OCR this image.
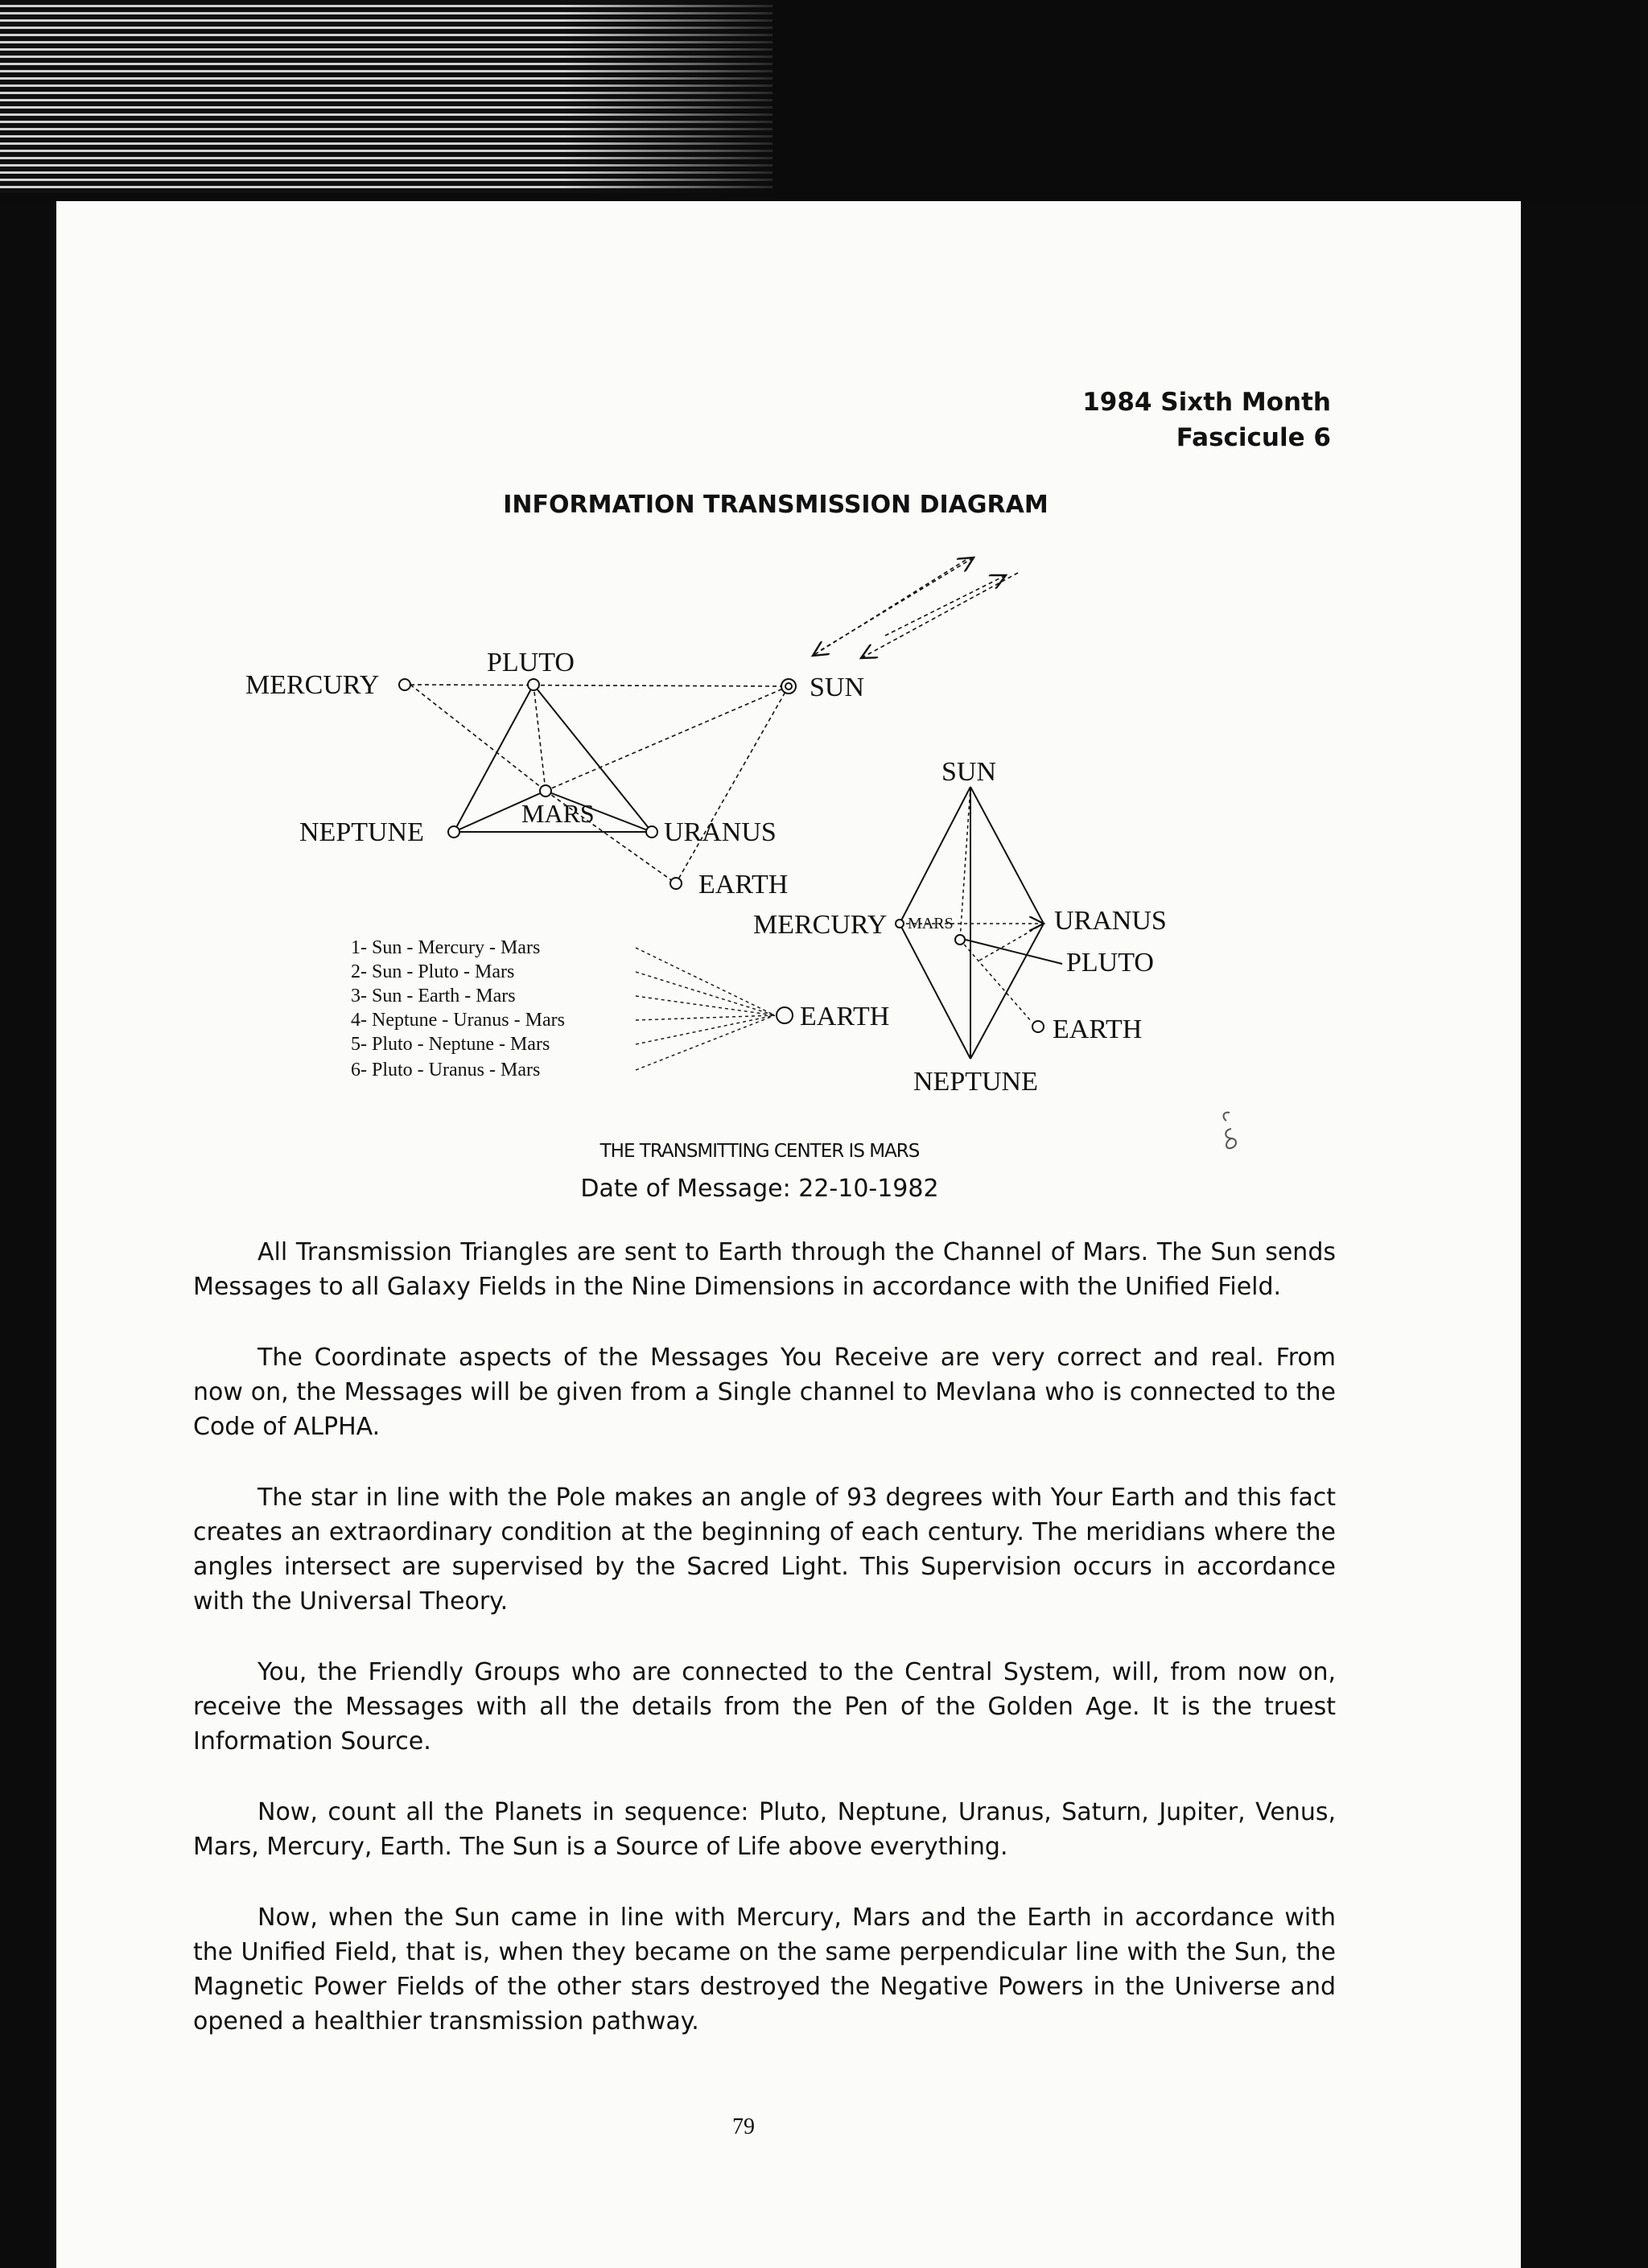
1984 Sixth Month
Fascicule 6
INFORMATION TRANSMISSION DIAGRAM
MERCURY
PLUTO
SUN
NEPTUNE
MARS
URANUS
EARTH
1- Sun - Mercury - Mars
2- Sun - Pluto - Mars
3- Sun - Earth - Mars
4- Neptune - Uranus - Mars
5- Pluto - Neptune - Mars
6- Pluto - Uranus - Mars
EARTH
SUN
MERCURY MARS	URANUS
PLUTO
EARTH
NEPTUNE
THE TRANSMITTING CENTER IS MARS
Date of Message: 22-10-1982

All Transmission Triangles are sent to Earth through the Channel of Mars. The Sun sends Messages to all Galaxy Fields in the Nine Dimensions in accordance with the Unified Field.

The Coordinate aspects of the Messages You Receive are very correct and real. From now on, the Messages will be given from a Single channel to Mevlana who is connected to the Code of ALPHA.

The star in line with the Pole makes an angle of 93 degrees with Your Earth and this fact creates an extraordinary condition at the beginning of each century. The meridians where the angles intersect are supervised by the Sacred Light. This Supervision occurs in accordance with the Universal Theory.

You, the Friendly Groups who are connected to the Central System, will, from now on, receive the Messages with all the details from the Pen of the Golden Age. It is the truest Information Source.

Now, count all the Planets in sequence: Pluto, Neptune, Uranus, Saturn, Jupiter, Venus, Mars, Mercury, Earth. The Sun is a Source of Life above everything.

Now, when the Sun came in line with Mercury, Mars and the Earth in accordance with the Unified Field, that is, when they became on the same perpendicular line with the Sun, the Magnetic Power Fields of the other stars destroyed the Negative Powers in the Universe and opened a healthier transmission pathway.

79
